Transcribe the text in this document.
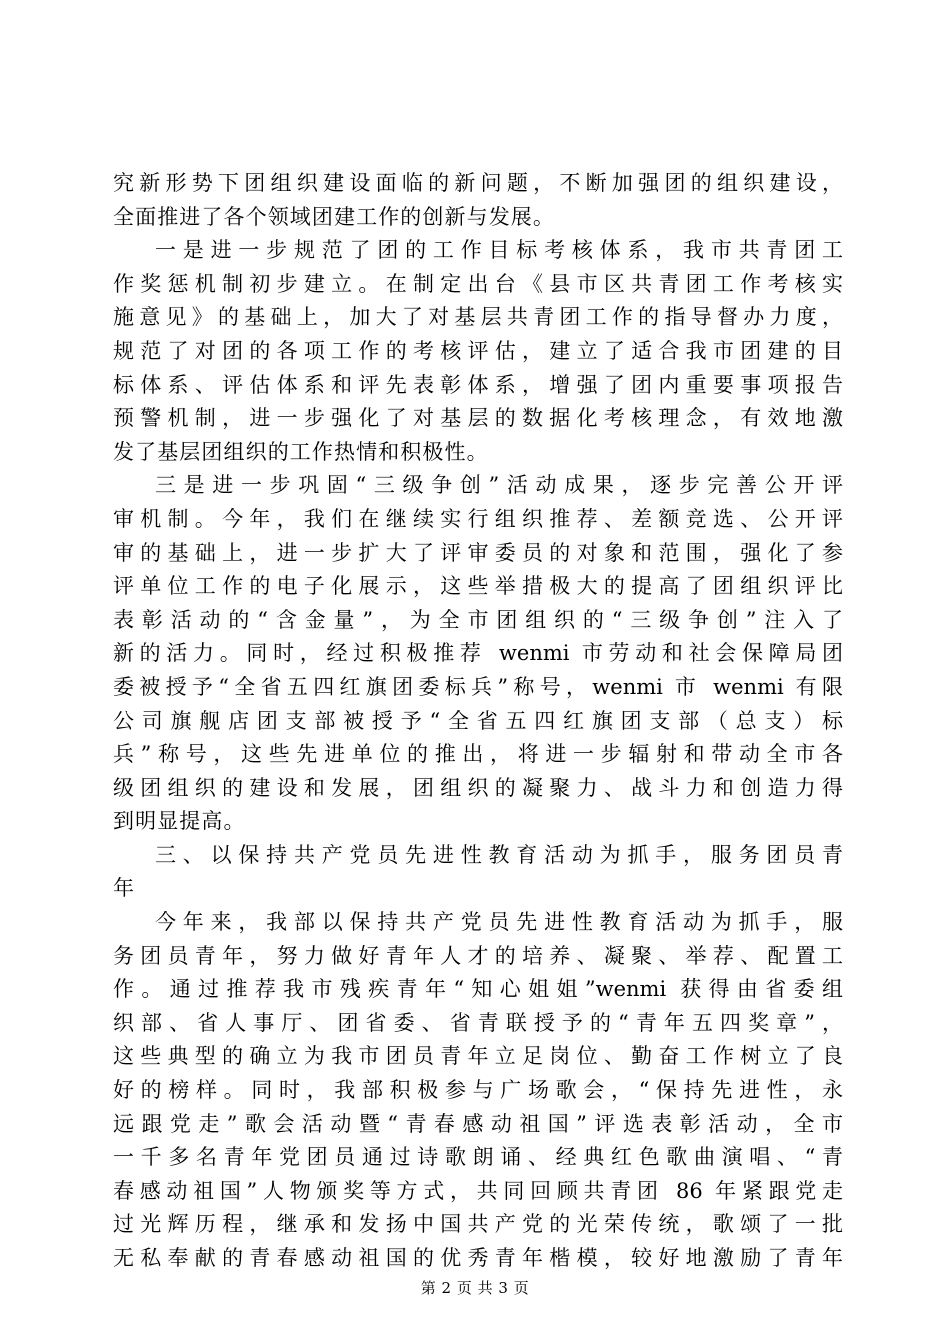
究新形势下团组织建设面临的新问题，不断加强团的组织建设，
全面推进了各个领域团建工作的创新与发展。
一是进一步规范了团的工作目标考核体系，我市共青团工
作奖惩机制初步建立。在制定出台《县市区共青团工作考核实
施意见》的基础上，加大了对基层共青团工作的指导督办力度，
规范了对团的各项工作的考核评估，建立了适合我市团建的目
标体系、评估体系和评先表彰体系，增强了团内重要事项报告
预警机制，进一步强化了对基层的数据化考核理念，有效地激
发了基层团组织的工作热情和积极性。
三是进一步巩固“三级争创”活动成果，逐步完善公开评
审机制。今年，我们在继续实行组织推荐、差额竞选、公开评
审的基础上，进一步扩大了评审委员的对象和范围，强化了参
评单位工作的电子化展示，这些举措极大的提高了团组织评比
表彰活动的“含金量”，为全市团组织的“三级争创”注入了
新的活力。同时，经过积极推荐 wenmi 市劳动和社会保障局团
委被授予“全省五四红旗团委标兵”称号，wenmi 市 wenmi 有限
公司旗舰店团支部被授予“全省五四红旗团支部（总支）标
兵”称号，这些先进单位的推出，将进一步辐射和带动全市各
级团组织的建设和发展，团组织的凝聚力、战斗力和创造力得
到明显提高。
三、以保持共产党员先进性教育活动为抓手，服务团员青
年
今年来，我部以保持共产党员先进性教育活动为抓手，服
务团员青年，努力做好青年人才的培养、凝聚、举荐、配置工
作。通过推荐我市残疾青年“知心姐姐”wenmi 获得由省委组
织部、省人事厅、团省委、省青联授予的“青年五四奖章”，
这些典型的确立为我市团员青年立足岗位、勤奋工作树立了良
好的榜样。同时，我部积极参与广场歌会，“保持先进性，永
远跟党走”歌会活动暨“青春感动祖国”评选表彰活动，全市
一千多名青年党团员通过诗歌朗诵、经典红色歌曲演唱、“青
春感动祖国”人物颁奖等方式，共同回顾共青团 86 年紧跟党走
过光辉历程，继承和发扬中国共产党的光荣传统，歌颂了一批
无私奉献的青春感动祖国的优秀青年楷模，较好地激励了青年
第 2 页 共 3 页
